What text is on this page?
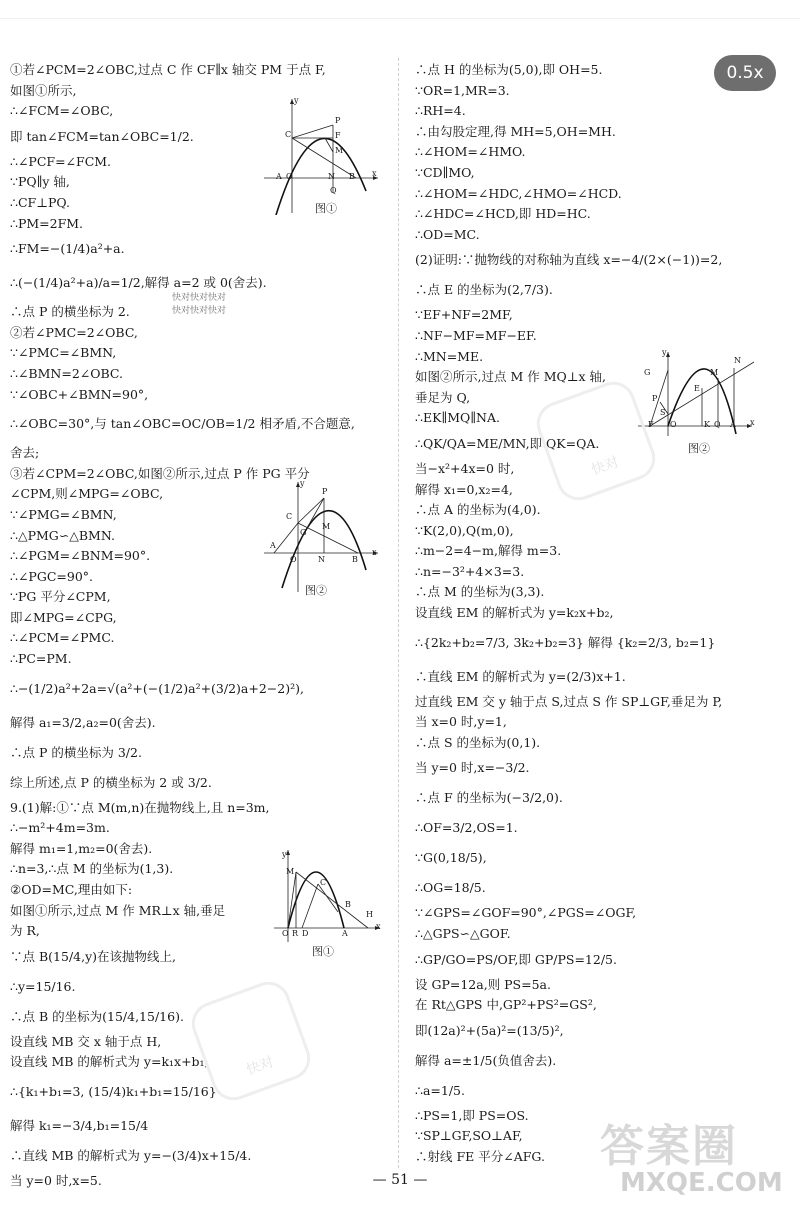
0.5x
①若∠PCM=2∠OBC,过点 C 作 CF∥x 轴交 PM 于点 F,
如图①所示,
∴∠FCM=∠OBC,
即 tan∠FCM=tan∠OBC=1/2.
∴∠PCF=∠FCM.
∵PQ∥y 轴,
∴CF⊥PQ.
∴PM=2FM.
∴FM=−(1/4)a²+a.
∴(−(1/4)a²+a)/a=1/2,解得 a=2 或 0(舍去).
∴点 P 的横坐标为 2.
②若∠PMC=2∠OBC,
∵∠PMC=∠BMN,
∴∠BMN=2∠OBC.
∵∠OBC+∠BMN=90°,
∴∠OBC=30°,与 tan∠OBC=OC/OB=1/2 相矛盾,不合题意,
舍去;
③若∠CPM=2∠OBC,如图②所示,过点 P 作 PG 平分
∠CPM,则∠MPG=∠OBC,
∵∠PMG=∠BMN,
∴△PMG∽△BMN.
∴∠PGM=∠BNM=90°.
∴∠PGC=90°.
∵PG 平分∠CPM,
即∠MPG=∠CPG,
∴∠PCM=∠PMC.
∴PC=PM.
∴−(1/2)a²+2a=√(a²+(−(1/2)a²+(3/2)a+2−2)²),
解得 a₁=3/2,a₂=0(舍去).
∴点 P 的横坐标为 3/2.
综上所述,点 P 的横坐标为 2 或 3/2.
9.(1)解:①∵点 M(m,n)在抛物线上,且 n=3m,
∴−m²+4m=3m.
解得 m₁=1,m₂=0(舍去).
∴n=3,∴点 M 的坐标为(1,3).
②OD=MC,理由如下:
如图①所示,过点 M 作 MR⊥x 轴,垂足
为 R,
∵点 B(15/4,y)在该抛物线上,
∴y=15/16.
∴点 B 的坐标为(15/4,15/16).
设直线 MB 交 x 轴于点 H,
设直线 MB 的解析式为 y=k₁x+b₁,
∴{k₁+b₁=3, (15/4)k₁+b₁=15/16}
解得 k₁=−3/4,b₁=15/4
∴直线 MB 的解析式为 y=−(3/4)x+15/4.
当 y=0 时,x=5.
∴点 H 的坐标为(5,0),即 OH=5.
∵OR=1,MR=3.
∴RH=4.
∴由勾股定理,得 MH=5,OH=MH.
∴∠HOM=∠HMO.
∵CD∥MO,
∴∠HOM=∠HDC,∠HMO=∠HCD.
∴∠HDC=∠HCD,即 HD=HC.
∴OD=MC.
(2)证明:∵抛物线的对称轴为直线 x=−4/(2×(−1))=2,
∴点 E 的坐标为(2,7/3).
∵EF+NF=2MF,
∴NF−MF=MF−EF.
∴MN=ME.
如图②所示,过点 M 作 MQ⊥x 轴,
垂足为 Q,
∴EK∥MQ∥NA.
∴QK/QA=ME/MN,即 QK=QA.
当−x²+4x=0 时,
解得 x₁=0,x₂=4,
∴点 A 的坐标为(4,0).
∵K(2,0),Q(m,0),
∴m−2=4−m,解得 m=3.
∴n=−3²+4×3=3.
∴点 M 的坐标为(3,3).
设直线 EM 的解析式为 y=k₂x+b₂,
∴{2k₂+b₂=7/3, 3k₂+b₂=3} 解得 {k₂=2/3, b₂=1}
∴直线 EM 的解析式为 y=(2/3)x+1.
过直线 EM 交 y 轴于点 S,过点 S 作 SP⊥GF,垂足为 P,
当 x=0 时,y=1,
∴点 S 的坐标为(0,1).
当 y=0 时,x=−3/2.
∴点 F 的坐标为(−3/2,0).
∴OF=3/2,OS=1.
∵G(0,18/5),
∴OG=18/5.
∵∠GPS=∠GOF=90°,∠PGS=∠OGF,
∴△GPS∽△GOF.
∴GP/GO=PS/OF,即 GP/PS=12/5.
设 GP=12a,则 PS=5a.
在 Rt△GPS 中,GP²+PS²=GS²,
即(12a)²+(5a)²=(13/5)²,
解得 a=±1/5(负值舍去).
∴a=1/5.
∴PS=1,即 PS=OS.
∵SP⊥GF,SO⊥AF,
∴射线 FE 平分∠AFG.
y
C
P
F
M
A O	N B
Q
x
图①
y
P
C
M
G
A
O	N	B
x
图②
y
M
C
B
H
O R D	A
x
图①
y
G
E
M
N
P
S
F O	K Q A x
图②
快对
快对
快对快对快对
快对快对快对
答案圈
MXQE.COM
— 51 —
